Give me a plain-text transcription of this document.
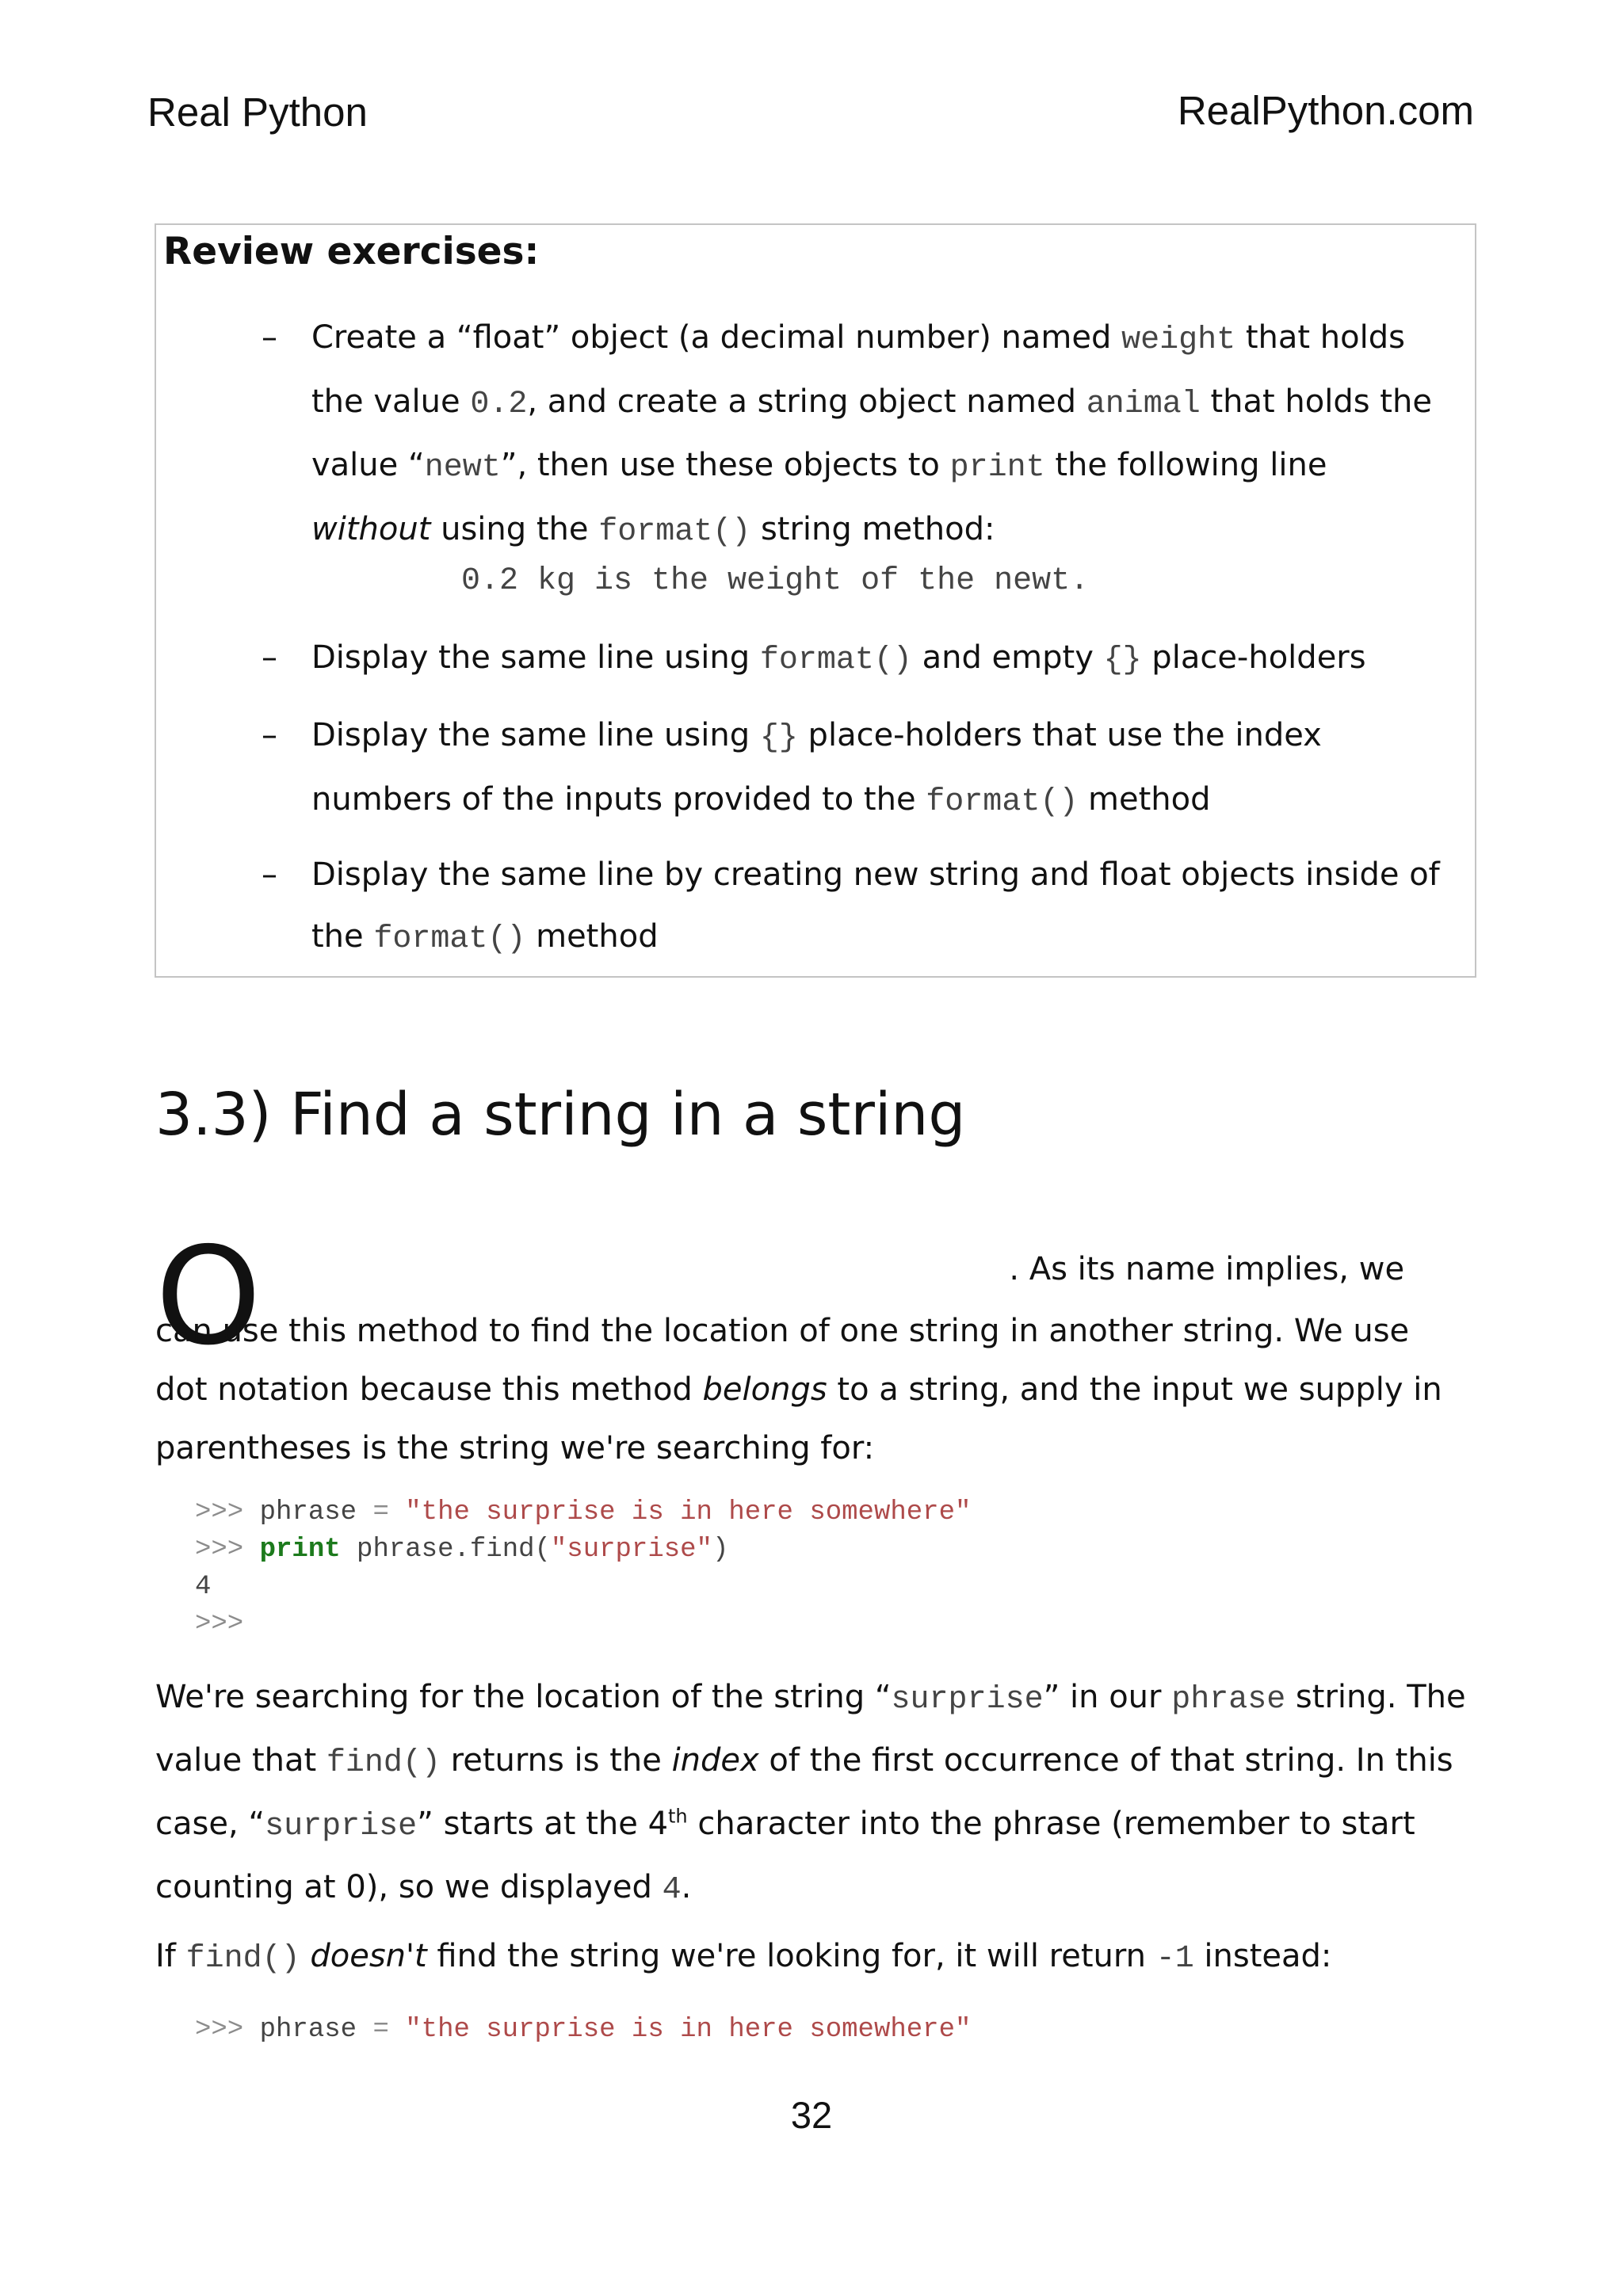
Real Python	RealPython.com
Review exercises:
– Create a “float” object (a decimal number) named weight that holds the value 0.2, and create a string object named animal that holds the value “newt”, then use these objects to print the following line without using the format() string method:
0.2 kg is the weight of the newt.
– Display the same line using format() and empty {} place-holders
– Display the same line using {} place-holders that use the index numbers of the inputs provided to the format() method
– Display the same line by creating new string and float objects inside of the format() method
3.3) Find a string in a string
O	. As its name implies, we can use this method to find the location of one string in another string. We use dot notation because this method belongs to a string, and the input we supply in parentheses is the string we're searching for:
>>> phrase = "the surprise is in here somewhere"
>>> print phrase.find("surprise")
4
>>>
We're searching for the location of the string “surprise” in our phrase string. The value that find() returns is the index of the first occurrence of that string. In this case, “surprise” starts at the 4th character into the phrase (remember to start counting at 0), so we displayed 4.
If find() doesn't find the string we're looking for, it will return -1 instead:
>>> phrase = "the surprise is in here somewhere"
32
